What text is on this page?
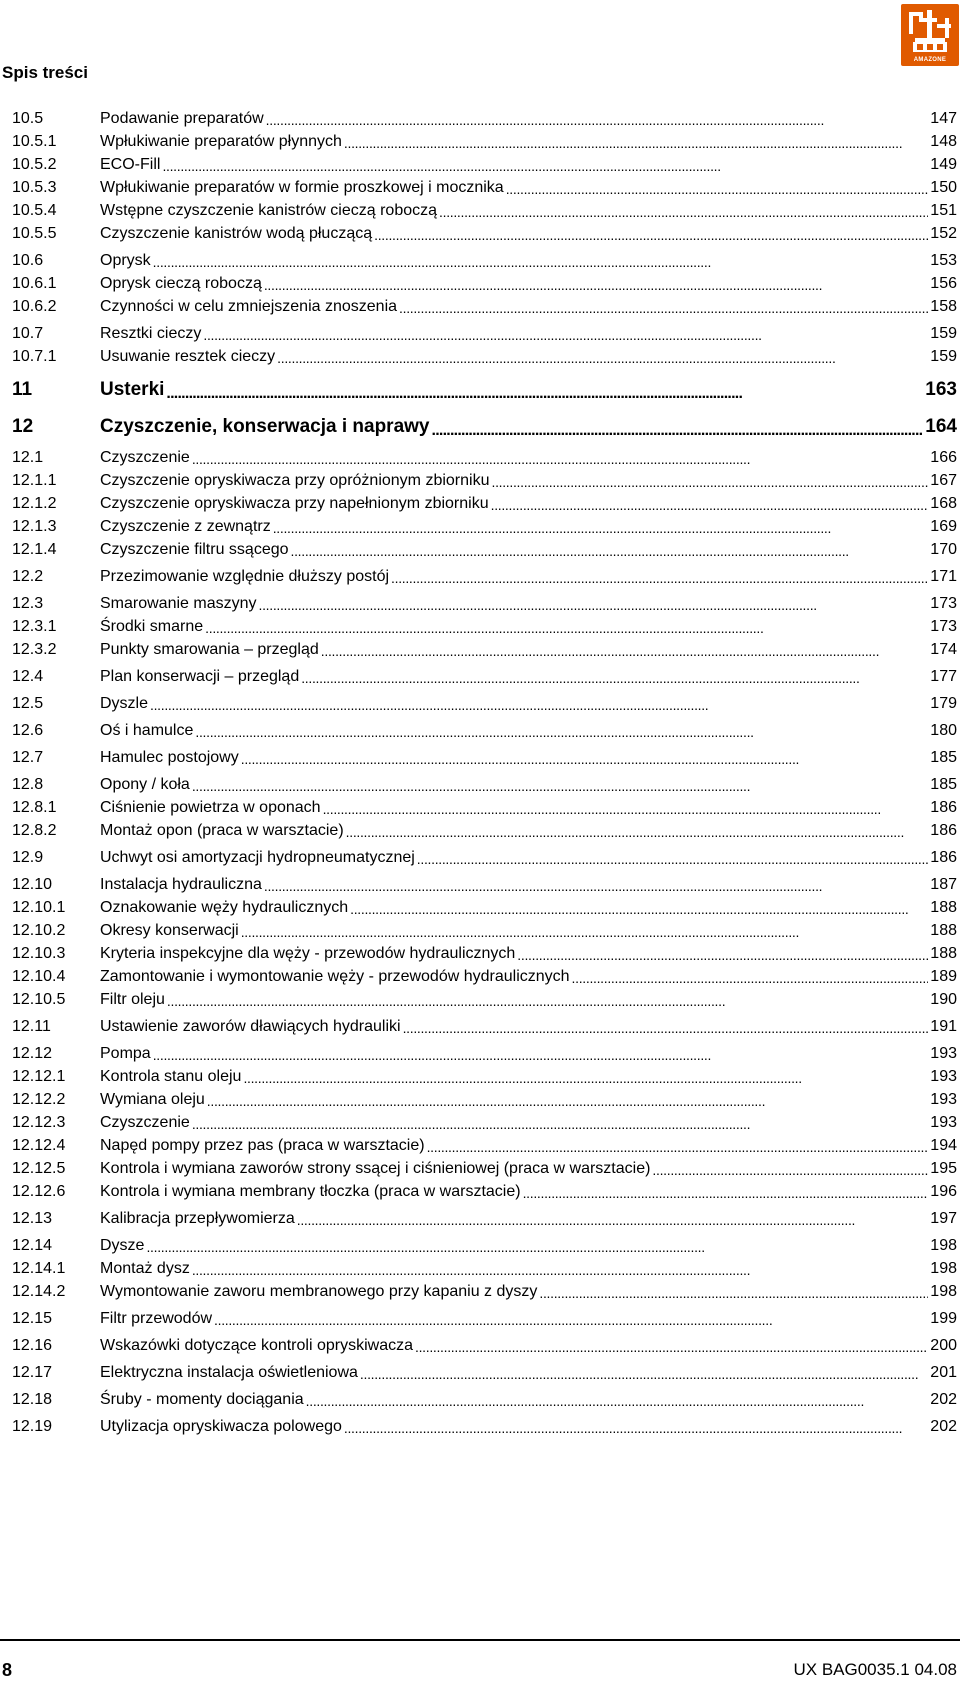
Spis treści
AMAZONE
10.5	Podawanie preparatów . . .	147
10.5.1	Wpłukiwanie preparatów płynnych . . .	148
10.5.2	ECO-Fill . . .	149
10.5.3	Wpłukiwanie preparatów w formie proszkowej i mocznika . . .	150
10.5.4	Wstępne czyszczenie kanistrów cieczą roboczą . . .	151
10.5.5	Czyszczenie kanistrów wodą płuczącą . . .	152
10.6	Oprysk . . .	153
10.6.1	Oprysk cieczą roboczą . . .	156
10.6.2	Czynności w celu zmniejszenia znoszenia . . .	158
10.7	Resztki cieczy . . .	159
10.7.1	Usuwanie resztek cieczy . . .	159
11	Usterki . . .	163
12	Czyszczenie, konserwacja i naprawy . . .	164
12.1	Czyszczenie . . .	166
12.1.1	Czyszczenie opryskiwacza przy opróżnionym zbiorniku . . .	167
12.1.2	Czyszczenie opryskiwacza przy napełnionym zbiorniku . . .	168
12.1.3	Czyszczenie z zewnątrz . . .	169
12.1.4	Czyszczenie filtru ssącego . . .	170
12.2	Przezimowanie względnie dłuższy postój . . .	171
12.3	Smarowanie maszyny . . .	173
12.3.1	Środki smarne . . .	173
12.3.2	Punkty smarowania – przegląd . . .	174
12.4	Plan konserwacji – przegląd . . .	177
12.5	Dyszle . . .	179
12.6	Oś i hamulce . . .	180
12.7	Hamulec postojowy . . .	185
12.8	Opony / koła . . .	185
12.8.1	Ciśnienie powietrza w oponach . . .	186
12.8.2	Montaż opon (praca w warsztacie) . . .	186
12.9	Uchwyt osi amortyzacji hydropneumatycznej . . .	186
12.10	Instalacja hydrauliczna . . .	187
12.10.1	Oznakowanie węży hydraulicznych . . .	188
12.10.2	Okresy konserwacji . . .	188
12.10.3	Kryteria inspekcyjne dla węży - przewodów hydraulicznych . . .	188
12.10.4	Zamontowanie i wymontowanie węży - przewodów hydraulicznych . . .	189
12.10.5	Filtr oleju . . .	190
12.11	Ustawienie zaworów dławiących hydrauliki . . .	191
12.12	Pompa . . .	193
12.12.1	Kontrola stanu oleju . . .	193
12.12.2	Wymiana oleju . . .	193
12.12.3	Czyszczenie . . .	193
12.12.4	Napęd pompy przez pas (praca w warsztacie) . . .	194
12.12.5	Kontrola i wymiana zaworów strony ssącej i ciśnieniowej (praca w warsztacie) . . .	195
12.12.6	Kontrola i wymiana membrany tłoczka (praca w warsztacie) . . .	196
12.13	Kalibracja przepływomierza . . .	197
12.14	Dysze . . .	198
12.14.1	Montaż dysz . . .	198
12.14.2	Wymontowanie zaworu membranowego przy kapaniu z dyszy . . .	198
12.15	Filtr przewodów . . .	199
12.16	Wskazówki dotyczące kontroli opryskiwacza . . .	200
12.17	Elektryczna instalacja oświetleniowa . . .	201
12.18	Śruby - momenty dociągania . . .	202
12.19	Utylizacja opryskiwacza polowego . . .	202
8	UX BAG0035.1 04.08
